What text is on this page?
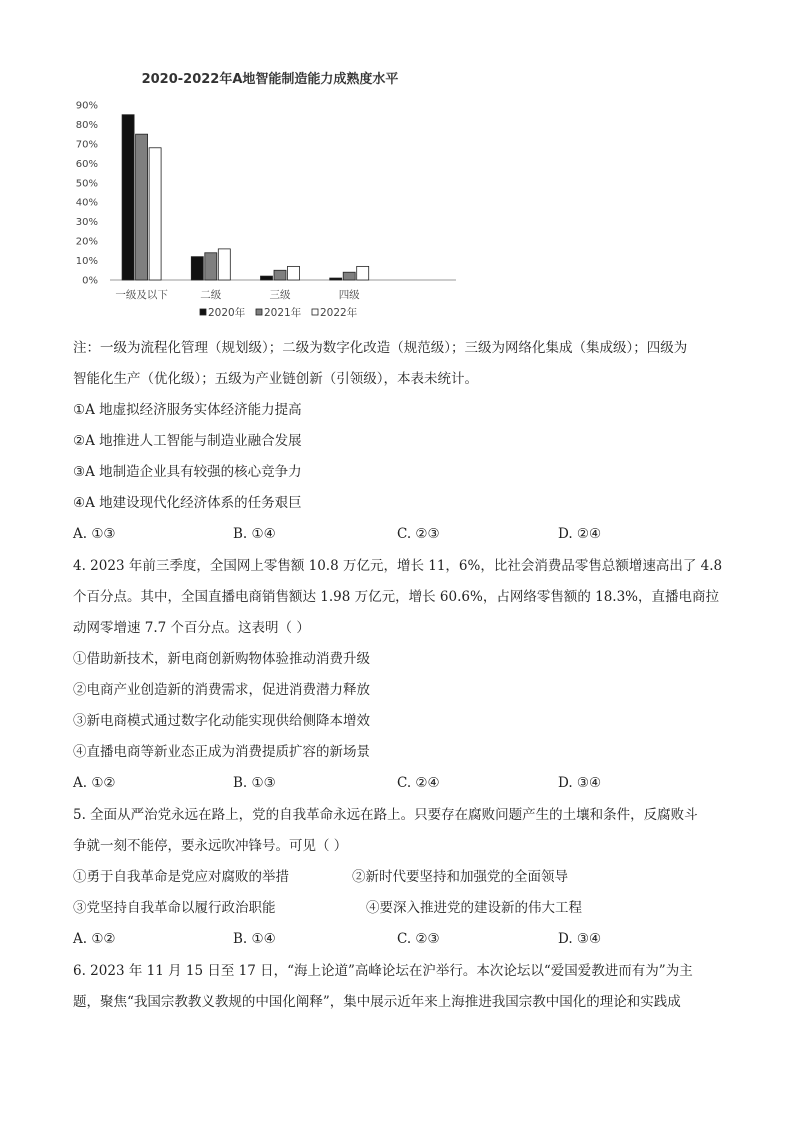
2020-2022年A地智能制造能力成熟度水平
0%
10%
20%
30%
40%
50%
60%
70%
80%
90%
一级及以下	二级	三级	四级
2020年 2021年 2022年
注：一级为流程化管理（规划级）；二级为数字化改造（规范级）；三级为网络化集成（集成级）；四级为
智能化生产（优化级）；五级为产业链创新（引领级），本表未统计。
①A 地虚拟经济服务实体经济能力提高
②A 地推进人工智能与制造业融合发展
③A 地制造企业具有较强的核心竞争力
④A 地建设现代化经济体系的任务艰巨
A. ①③	B. ①④	C. ②③	D. ②④
4. 2023 年前三季度，全国网上零售额 10.8 万亿元，增长 11，6%，比社会消费品零售总额增速高出了 4.8
个百分点。其中，全国直播电商销售额达 1.98 万亿元，增长 60.6%，占网络零售额的 18.3%，直播电商拉
动网零增速 7.7 个百分点。这表明（ ）
①借助新技术，新电商创新购物体验推动消费升级
②电商产业创造新的消费需求，促进消费潜力释放
③新电商模式通过数字化动能实现供给侧降本增效
④直播电商等新业态正成为消费提质扩容的新场景
A. ①②	B. ①③	C. ②④	D. ③④
5. 全面从严治党永远在路上，党的自我革命永远在路上。只要存在腐败问题产生的土壤和条件，反腐败斗
争就一刻不能停，要永远吹冲锋号。可见（ ）
①勇于自我革命是党应对腐败的举措	②新时代要坚持和加强党的全面领导
③党坚持自我革命以履行政治职能	④要深入推进党的建设新的伟大工程
A. ①②	B. ①④	C. ②③	D. ③④
6. 2023 年 11 月 15 日至 17 日，“海上论道”高峰论坛在沪举行。本次论坛以“爱国爱教进而有为”为主
题，聚焦“我国宗教教义教规的中国化阐释”，集中展示近年来上海推进我国宗教中国化的理论和实践成
